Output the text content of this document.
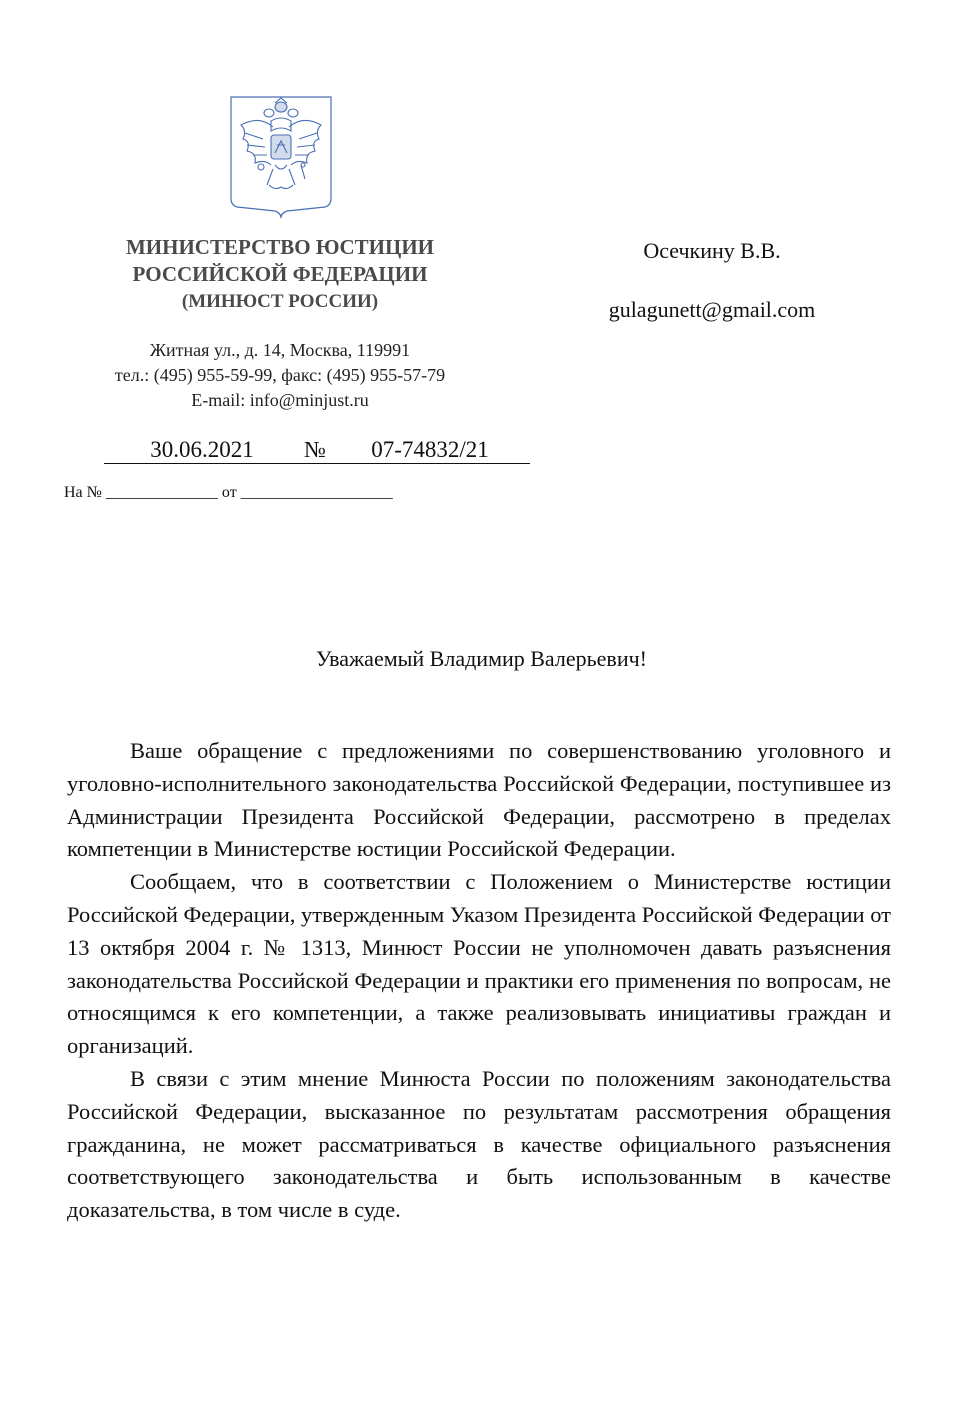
МИНИСТЕРСТВО ЮСТИЦИИ
РОССИЙСКОЙ ФЕДЕРАЦИИ
(МИНЮСТ РОССИИ)
Житная ул., д. 14, Москва, 119991
тел.: (495) 955-59-99, факс: (495) 955-57-79
E-mail: info@minjust.ru
30.06.2021	№	07-74832/21
На № ______________ от ___________________
Осечкину В.В.
gulagunett@gmail.com
Уважаемый Владимир Валерьевич!

Ваше обращение с предложениями по совершенствованию уголовного и уголовно-исполнительного законодательства Российской Федерации, поступившее из Администрации Президента Российской Федерации, рассмотрено в пределах компетенции в Министерстве юстиции Российской Федерации.

Сообщаем, что в соответствии с Положением о Министерстве юстиции Российской Федерации, утвержденным Указом Президента Российской Федерации от 13 октября 2004 г. № 1313, Минюст России не уполномочен давать разъяснения законодательства Российской Федерации и практики его применения по вопросам, не относящимся к его компетенции, а также реализовывать инициативы граждан и организаций.

В связи с этим мнение Минюста России по положениям законодательства Российской Федерации, высказанное по результатам рассмотрения обращения гражданина, не может рассматриваться в качестве официального разъяснения соответствующего законодательства и быть использованным в качестве доказательства, в том числе в суде.
